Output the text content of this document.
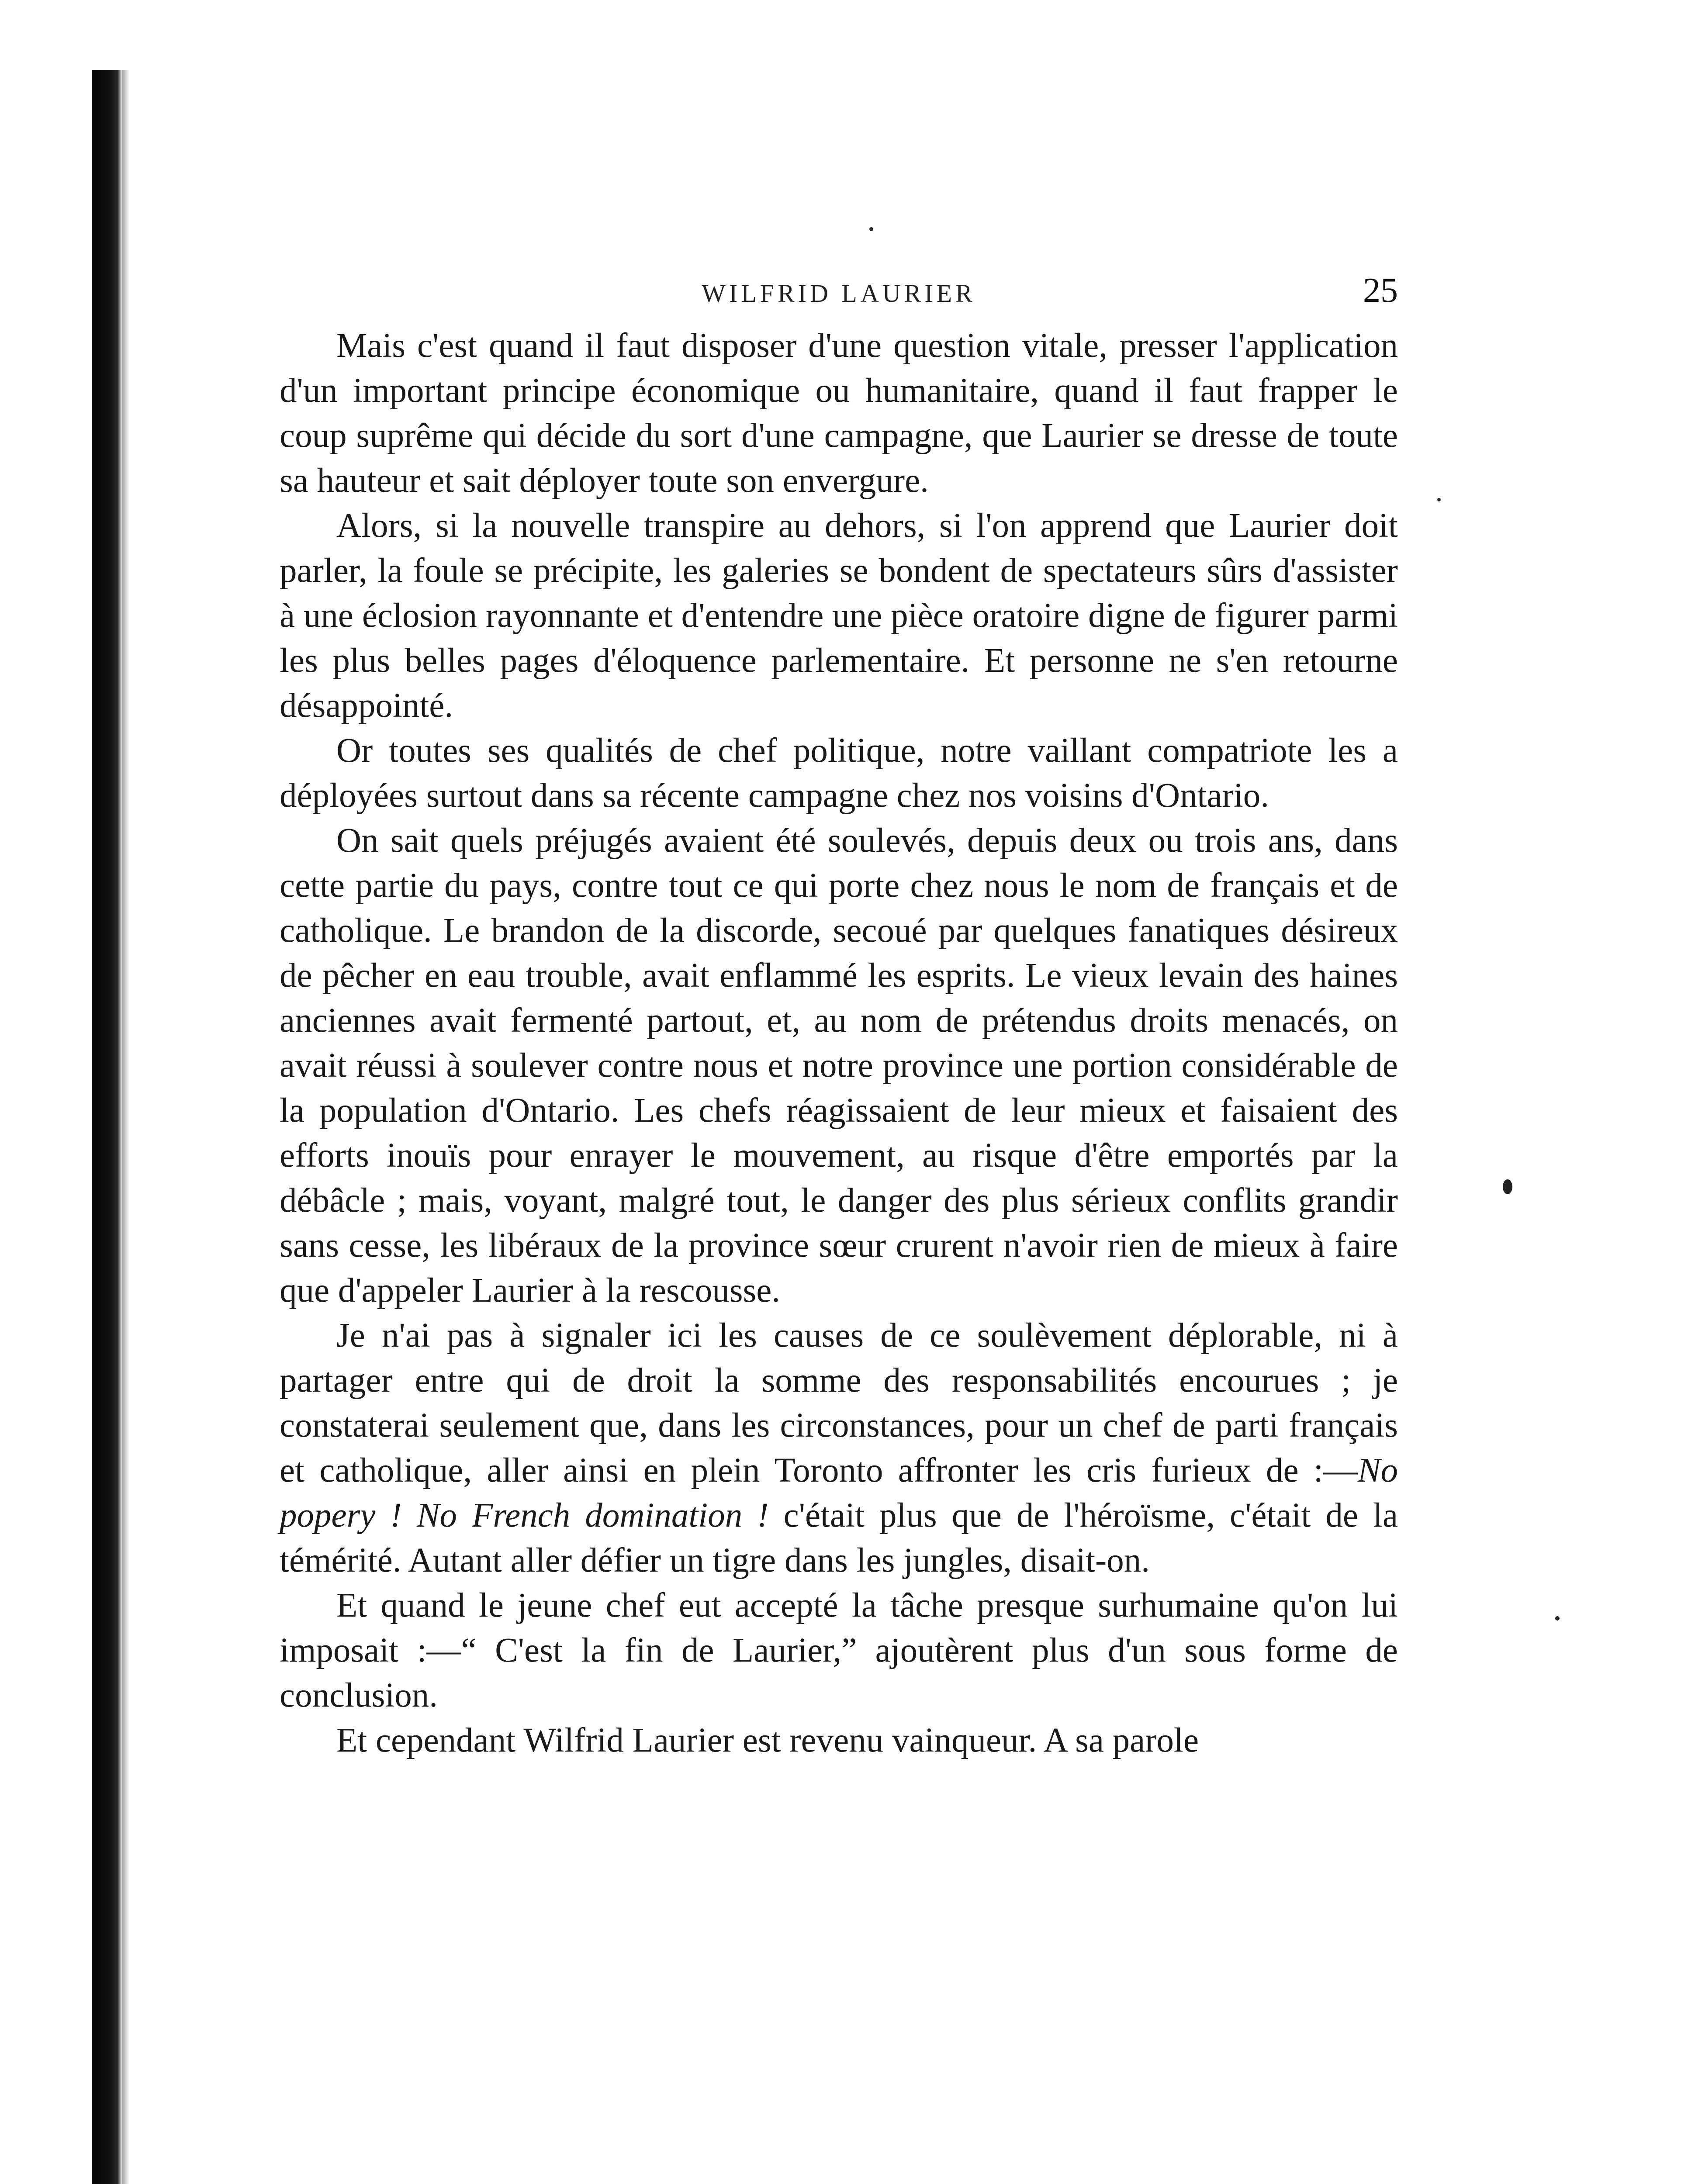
WILFRID LAURIER	25

Mais c'est quand il faut disposer d'une question vitale, presser l'application d'un important principe économique ou humanitaire, quand il faut frapper le coup suprême qui décide du sort d'une campagne, que Laurier se dresse de toute sa hauteur et sait déployer toute son envergure.

Alors, si la nouvelle transpire au dehors, si l'on apprend que Laurier doit parler, la foule se précipite, les galeries se bondent de spectateurs sûrs d'assister à une éclosion rayonnante et d'entendre une pièce oratoire digne de figurer parmi les plus belles pages d'éloquence parlementaire. Et personne ne s'en retourne désappointé.

Or toutes ses qualités de chef politique, notre vaillant compatriote les a déployées surtout dans sa récente campagne chez nos voisins d'Ontario.

On sait quels préjugés avaient été soulevés, depuis deux ou trois ans, dans cette partie du pays, contre tout ce qui porte chez nous le nom de français et de catholique. Le brandon de la discorde, secoué par quelques fanatiques désireux de pêcher en eau trouble, avait enflammé les esprits. Le vieux levain des haines anciennes avait fermenté partout, et, au nom de prétendus droits menacés, on avait réussi à soulever contre nous et notre province une portion considérable de la population d'Ontario. Les chefs réagissaient de leur mieux et faisaient des efforts inouïs pour enrayer le mouvement, au risque d'être emportés par la débâcle ; mais, voyant, malgré tout, le danger des plus sérieux conflits grandir sans cesse, les libéraux de la province sœur crurent n'avoir rien de mieux à faire que d'appeler Laurier à la rescousse.

Je n'ai pas à signaler ici les causes de ce soulèvement déplorable, ni à partager entre qui de droit la somme des responsabilités encourues ; je constaterai seulement que, dans les circonstances, pour un chef de parti français et catholique, aller ainsi en plein Toronto affronter les cris furieux de :—No popery ! No French domination ! c'était plus que de l'héroïsme, c'était de la témérité. Autant aller défier un tigre dans les jungles, disait-on.

Et quand le jeune chef eut accepté la tâche presque surhumaine qu'on lui imposait :—“ C'est la fin de Laurier,” ajoutèrent plus d'un sous forme de conclusion.

Et cependant Wilfrid Laurier est revenu vainqueur. A sa parole
